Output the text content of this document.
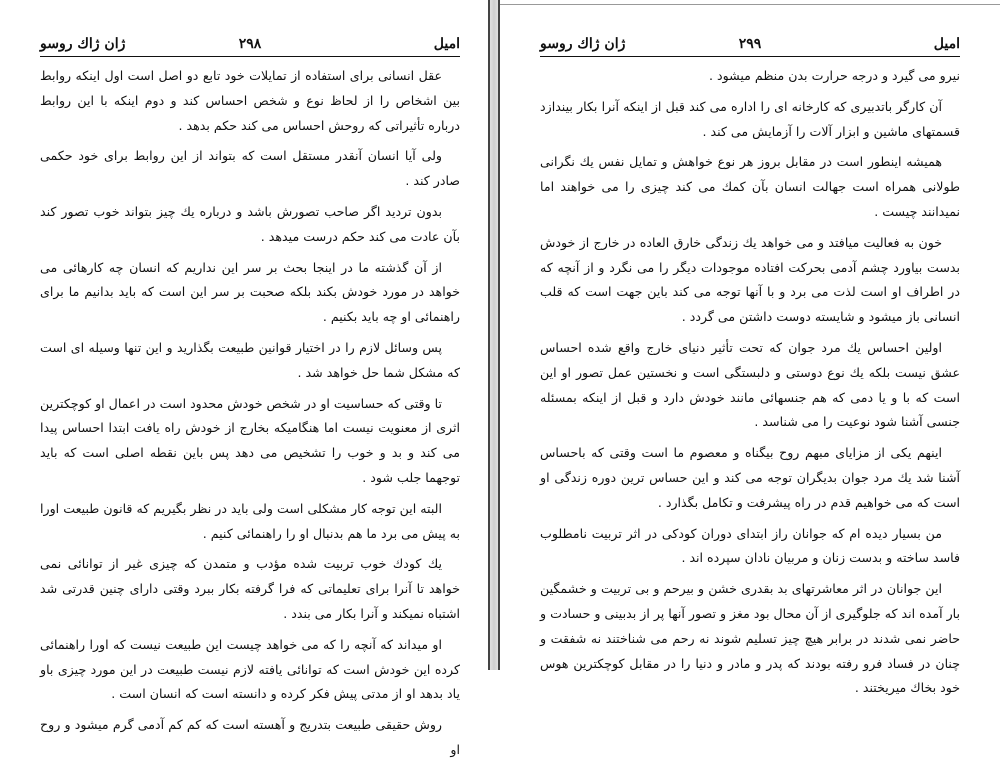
ژان ژاك روسو	۲۹۸	امیل

عقل انسانی برای استفاده از تمایلات خود تابع دو اصل است اول اینکه روابط بین اشخاص را از لحاظ نوع و شخص احساس کند و دوم اینکه با این روابط درباره تأثیراتی که روحش احساس می کند حکم بدهد .

ولی آیا انسان آنقدر مستقل است که بتواند از این روابط برای خود حکمی صادر کند .

بدون تردید اگر صاحب تصورش باشد و درباره یك چیز بتواند خوب تصور کند بآن عادت می کند حکم درست میدهد .

از آن گذشته ما در اینجا بحث بر سر این نداریم که انسان چه کارهائی می خواهد در مورد خودش بکند بلکه صحبت بر سر این است که باید بدانیم ما برای راهنمائی او چه باید بکنیم .

پس وسائل لازم را در اختیار قوانین طبیعت بگذارید و این تنها وسیله ای است که مشکل شما حل خواهد شد .

تا وقتی که حساسیت او در شخص خودش محدود است در اعمال او کوچکترین اثری از معنویت نیست اما هنگامیکه بخارج از خودش راه یافت ابتدا احساس پیدا می کند و بد و خوب را تشخیص می دهد پس باین نقطه اصلی است که باید توجهما جلب شود .

البته این توجه کار مشکلی است ولی باید در نظر بگیریم که قانون طبیعت اورا به پیش می برد ما هم بدنبال او را راهنمائی کنیم .

یك کودك خوب تربیت شده مؤدب و متمدن که چیزی غیر از توانائی نمی خواهد تا آنرا برای تعلیماتی که فرا گرفته بکار ببرد وقتی دارای چنین قدرتی شد اشتباه نمیکند و آنرا بکار می بندد .

او میداند که آنچه را که می خواهد چیست این طبیعت نیست که اورا راهنمائی کرده این خودش است که توانائی یافته لازم نیست طبیعت در این مورد چیزی باو یاد بدهد او از مدتی پیش فکر کرده و دانسته است که انسان است .

روش حقیقی طبیعت بتدریج و آهسته است که کم کم آدمی گرم میشود و روح او

ژان ژاك روسو	۲۹۹	امیل

نیرو می گیرد و درجه حرارت بدن منظم میشود .

آن کارگر باتدبیری که کارخانه ای را اداره می کند قبل از اینکه آنرا بکار بیندازد قسمتهای ماشین و ابزار آلات را آزمایش می کند .

همیشه اینطور است در مقابل بروز هر نوع خواهش و تمایل نفس یك نگرانی طولانی همراه است جهالت انسان بآن کمك می کند چیزی را می خواهند اما نمیدانند چیست .

خون به فعالیت میافتد و می خواهد یك زندگی خارق العاده در خارج از خودش بدست بیاورد چشم آدمی بحرکت افتاده موجودات دیگر را می نگرد و از آنچه که در اطراف او است لذت می برد و با آنها توجه می کند باین جهت است که قلب انسانی باز میشود و شایسته دوست داشتن می گردد .

اولین احساس یك مرد جوان که تحت تأثیر دنیای خارج واقع شده احساس عشق نیست بلکه یك نوع دوستی و دلبستگی است و نخستین عمل تصور او این است که با و یا دمی که هم جنسهائی مانند خودش دارد و قبل از اینکه بمسئله جنسی آشنا شود نوعیت را می شناسد .

اینهم یکی از مزایای مبهم روح بیگناه و معصوم ما است وقتی که باحساس آشنا شد یك مرد جوان بدیگران توجه می کند و این حساس ترین دوره زندگی او است که می خواهیم قدم در راه پیشرفت و تکامل بگذارد .

من بسیار دیده ام که جوانان راز ابتدای دوران کودکی در اثر تربیت نامطلوب فاسد ساخته و بدست زنان و مربیان نادان سپرده اند .

این جوانان در اثر معاشرتهای بد بقدری خشن و بیرحم و بی تربیت و خشمگین بار آمده اند که جلوگیری از آن محال بود مغز و تصور آنها پر از بدبینی و حسادت و حاضر نمی شدند در برابر هیچ چیز تسلیم شوند نه رحم می شناختند نه شفقت و چنان در فساد فرو رفته بودند که پدر و مادر و دنیا را در مقابل کوچکترین هوس خود بخاك میریختند .
